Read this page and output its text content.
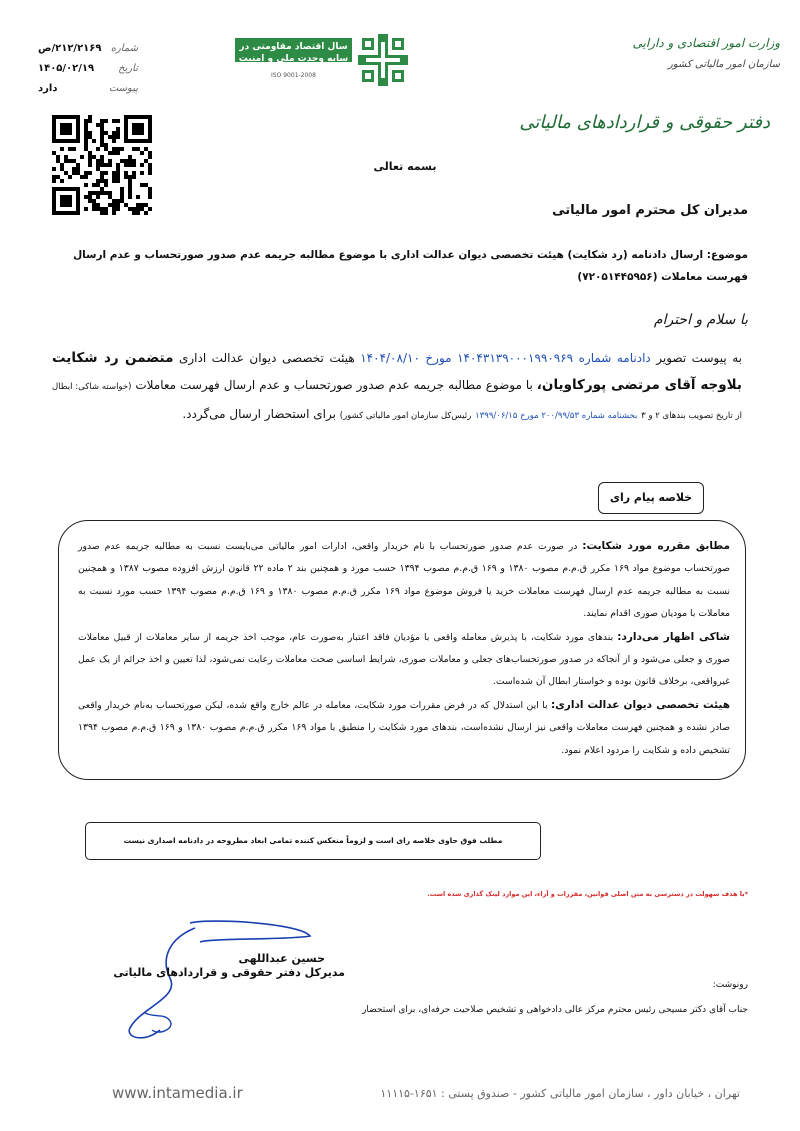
وزارت امور اقتصادی و دارایی
سازمان امور مالیاتی کشور
سال اقتصاد مقاومتی در سایه وحدت ملی و امنیت
ISO 9001-2008
شماره
۲۱۲/۲۱۶۹/ص
تاریخ
۱۴۰۵/۰۲/۱۹
پیوست
دارد
دفتر حقوقی و قراردادهای مالیاتی
بسمه تعالی
مدیران کل محترم امور مالیاتی
موضوع: ارسال دادنامه (رد شکایت) هیئت تخصصی دیوان عدالت اداری با موضوع مطالبه جریمه عدم صدور صورتحساب و عدم ارسال فهرست معاملات (۷۲۰۵۱۴۴۵۹۵۶)
با سلام و احترام
به پیوست تصویر دادنامه شماره ۱۴۰۴۳۱۳۹۰۰۰۱۹۹۰۹۶۹ مورخ ۱۴۰۴/۰۸/۱۰ هیئت تخصصی دیوان عدالت اداری متضمن رد شکایت بلاوجه آقای مرتضی پورکاویان، با موضوع مطالبه جریمه عدم صدور صورتحساب و عدم ارسال فهرست معاملات (خواسته شاکی: ابطال از تاریخ تصویب بندهای ۲ و ۳ بخشنامه شماره ۲۰۰/۹۹/۵۳ مورخ ۱۳۹۹/۰۶/۱۵ رئیس‌کل سازمان امور مالیاتی کشور) برای استحضار ارسال می‌گردد.
خلاصه پیام رای
مطابق مقرره مورد شکایت: در صورت عدم صدور صورتحساب با نام خریدار واقعی، ادارات امور مالیاتی می‌بایست نسبت به مطالبه جریمه عدم صدور صورتحساب موضوع مواد ۱۶۹ مکرر ق.م.م مصوب ۱۳۸۰ و ۱۶۹ ق.م.م مصوب ۱۳۹۴ حسب مورد و همچنین بند ۲ ماده ۲۲ قانون ارزش افزوده مصوب ۱۳۸۷ و همچنین نسبت به مطالبه جریمه عدم ارسال فهرست معاملات خرید یا فروش موضوع مواد ۱۶۹ مکرر ق.م.م مصوب ۱۳۸۰ و ۱۶۹ ق.م.م مصوب ۱۳۹۴ حسب مورد نسبت به معاملات با مودیان صوری اقدام نمایند.
شاکی اظهار می‌دارد: بندهای مورد شکایت، با پذیرش معامله واقعی با مؤدیان فاقد اعتبار به‌صورت عام، موجب اخذ جریمه از سایر معاملات از قبیل معاملات صوری و جعلی می‌شود و از آنجاکه در صدور صورتحساب‌های جعلی و معاملات صوری، شرایط اساسی صحت معاملات رعایت نمی‌شود، لذا تعیین و اخذ جرائم از یک عمل غیرواقعی، برخلاف قانون بوده و خواستار ابطال آن شده‌است.
هیئت تخصصی دیوان عدالت اداری: با این استدلال که در فرض مقررات مورد شکایت، معامله در عالم خارج واقع شده، لیکن صورتحساب به‌نام خریدار واقعی صادر نشده و همچنین فهرست معاملات واقعی نیز ارسال نشده‌است، بندهای مورد شکایت را منطبق با مواد ۱۶۹ مکرر ق.م.م مصوب ۱۳۸۰ و ۱۶۹ ق.م.م مصوب ۱۳۹۴ تشخیص داده و شکایت را مردود اعلام نمود.
مطلب فوق حاوی خلاصه رای است و لزوماً منعکس کننده تمامی ابعاد مطروحه در دادنامه اصداری نیست
*با هدف سهولت در دسترسی به متن اصلی قوانین، مقررات و آراء، این موارد لینک گذاری شده است.
حسین عبداللهی
مدیرکل دفتر حقوقی و قراردادهای مالیاتی
رونوشت:
جناب آقای دکتر مسیحی رئیس محترم مرکز عالی دادخواهی و تشخیص صلاحیت حرفه‌ای، برای استحضار
تهران ، خیابان داور ، سازمان امور مالیاتی کشور - صندوق پستی : ۱۶۵۱-۱۱۱۱۵
www.intamedia.ir
